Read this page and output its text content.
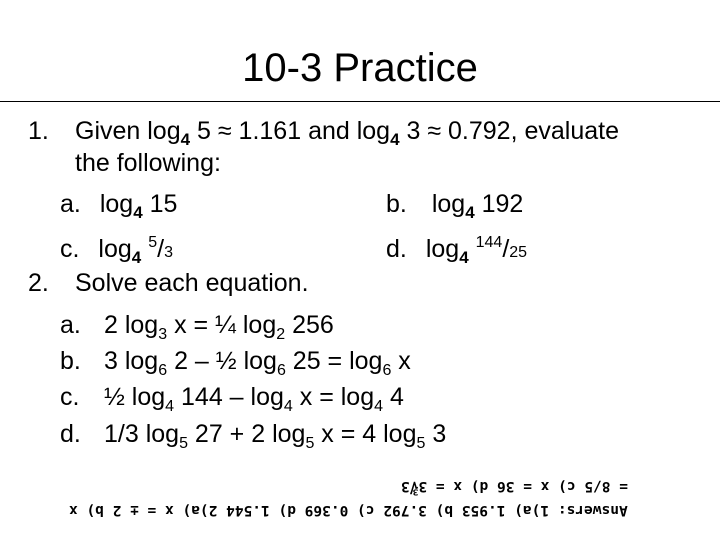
10-3 Practice
1. Given $\log_4 5 \approx 1.161$ and $\log_4 3 \approx 0.792$, evaluate
the following:
a. $\log_4 15$	b. $\log_4 192$
c. $\log_4 ^5/3$	d. $\log_4 ^{144}/25$
2. Solve each equation.
a. 2 $\log_3 x$ = ¼ $\log_2 256$
b. 3 $\log_6 2$ – ½ $\log_6 25 = \log_6 x$
c. ½ $\log_4 144 - \log_4 x = \log_4 4$
d. 1/3 $\log_5 27 + 2$ $\log_5 x = 4$ $\log_5 3$
Answers: 1)a) 1.953 b) 3.792 c) 0.369 d) 1.544 2)a) x = ± 2 b) x
= 8/5 c) x = 36 d) x = 3∛3
